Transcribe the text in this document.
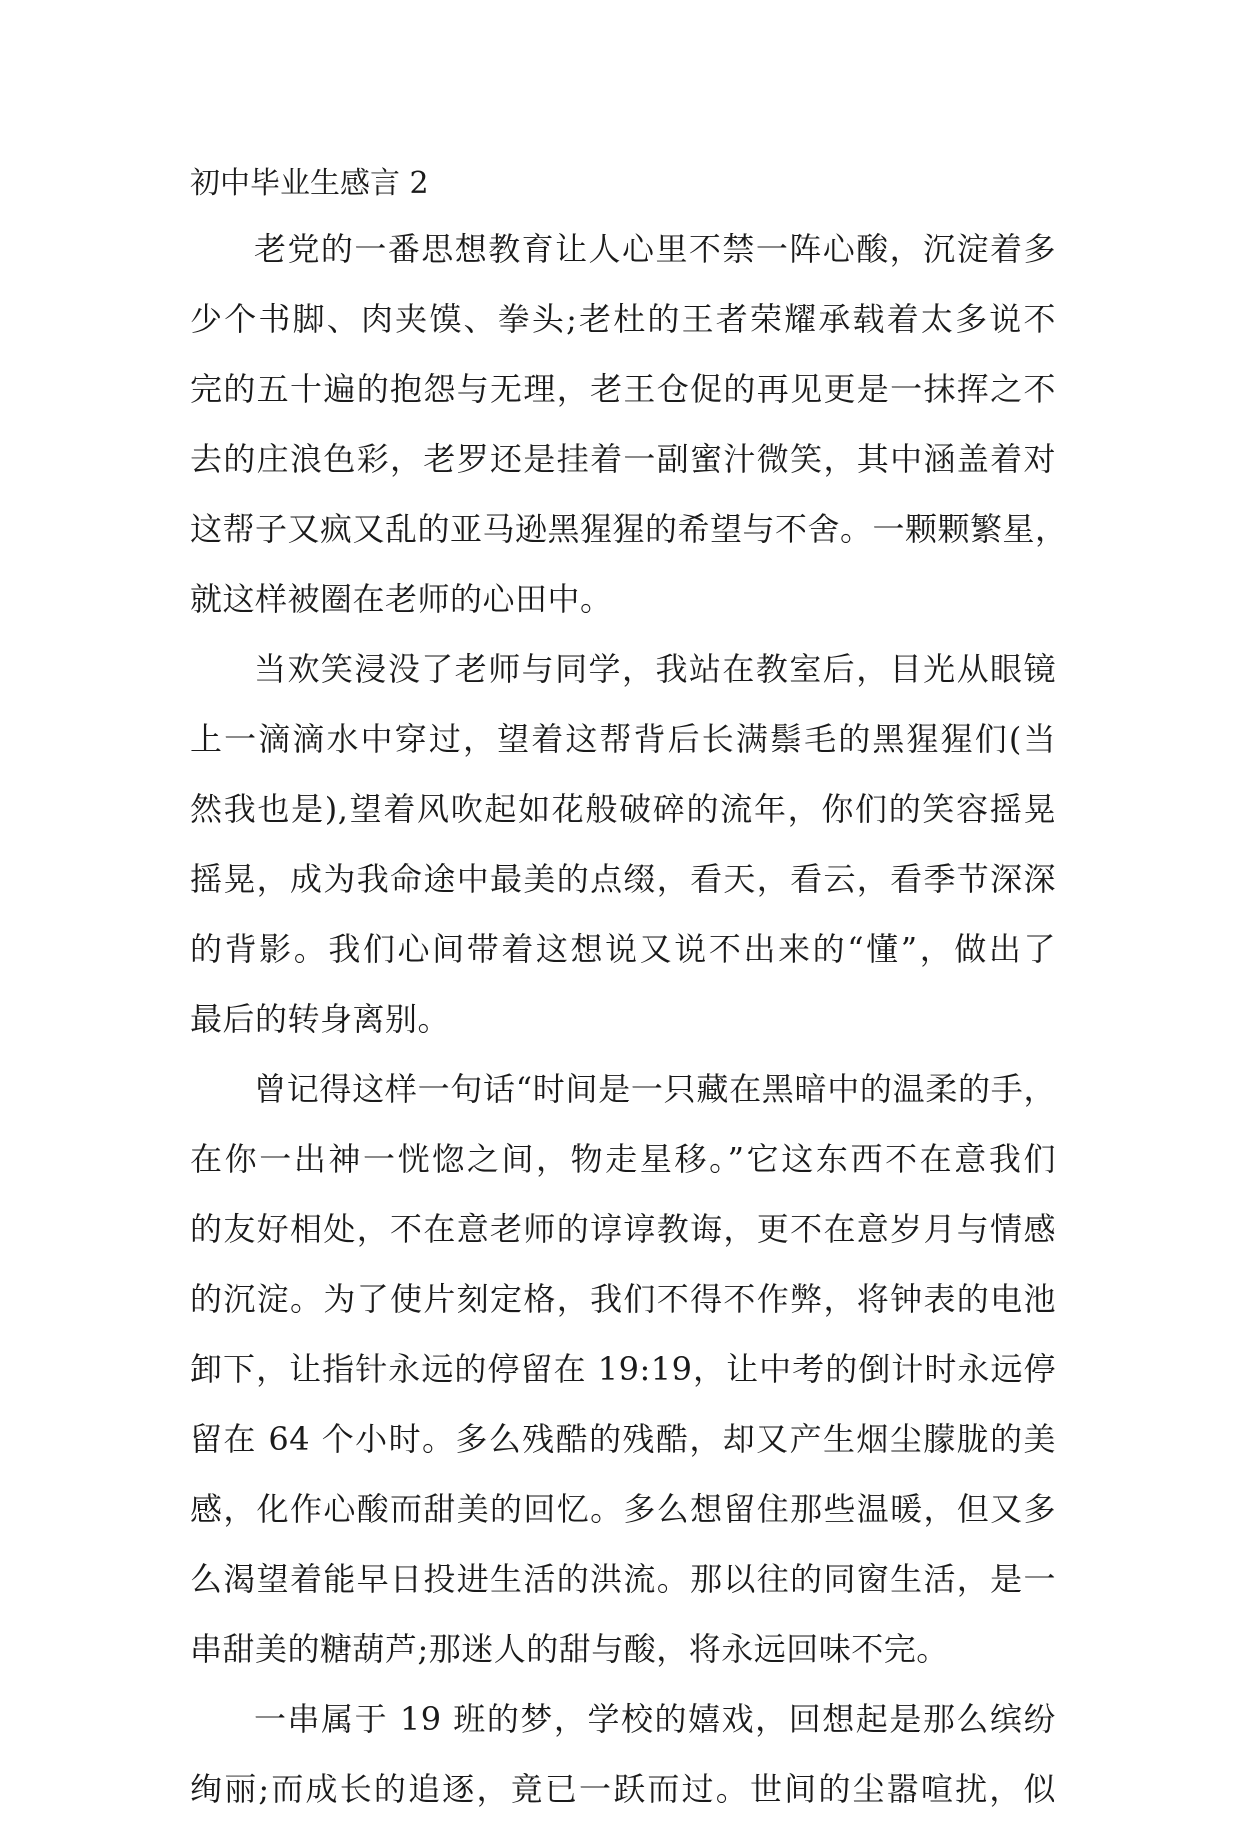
初中毕业生感言 2
老党的一番思想教育让人心里不禁一阵心酸，沉淀着多
少个书脚、肉夹馍、拳头;老杜的王者荣耀承载着太多说不
完的五十遍的抱怨与无理，老王仓促的再见更是一抹挥之不
去的庄浪色彩，老罗还是挂着一副蜜汁微笑，其中涵盖着对
这帮子又疯又乱的亚马逊黑猩猩的希望与不舍。一颗颗繁星，
就这样被圈在老师的心田中。
当欢笑浸没了老师与同学，我站在教室后，目光从眼镜
上一滴滴水中穿过，望着这帮背后长满鬃毛的黑猩猩们(当
然我也是),望着风吹起如花般破碎的流年，你们的笑容摇晃
摇晃，成为我命途中最美的点缀，看天，看云，看季节深深
的背影。我们心间带着这想说又说不出来的“懂”，做出了
最后的转身离别。
曾记得这样一句话“时间是一只藏在黑暗中的温柔的手，
在你一出神一恍惚之间，物走星移。”它这东西不在意我们
的友好相处，不在意老师的谆谆教诲，更不在意岁月与情感
的沉淀。为了使片刻定格，我们不得不作弊，将钟表的电池
卸下，让指针永远的停留在 19:19，让中考的倒计时永远停
留在 64 个小时。多么残酷的残酷，却又产生烟尘朦胧的美
感，化作心酸而甜美的回忆。多么想留住那些温暖，但又多
么渴望着能早日投进生活的洪流。那以往的同窗生活，是一
串甜美的糖葫芦;那迷人的甜与酸，将永远回味不完。
一串属于 19 班的梦，学校的嬉戏，回想起是那么缤纷
绚丽;而成长的追逐，竟已一跃而过。世间的尘嚣喧扰，似
